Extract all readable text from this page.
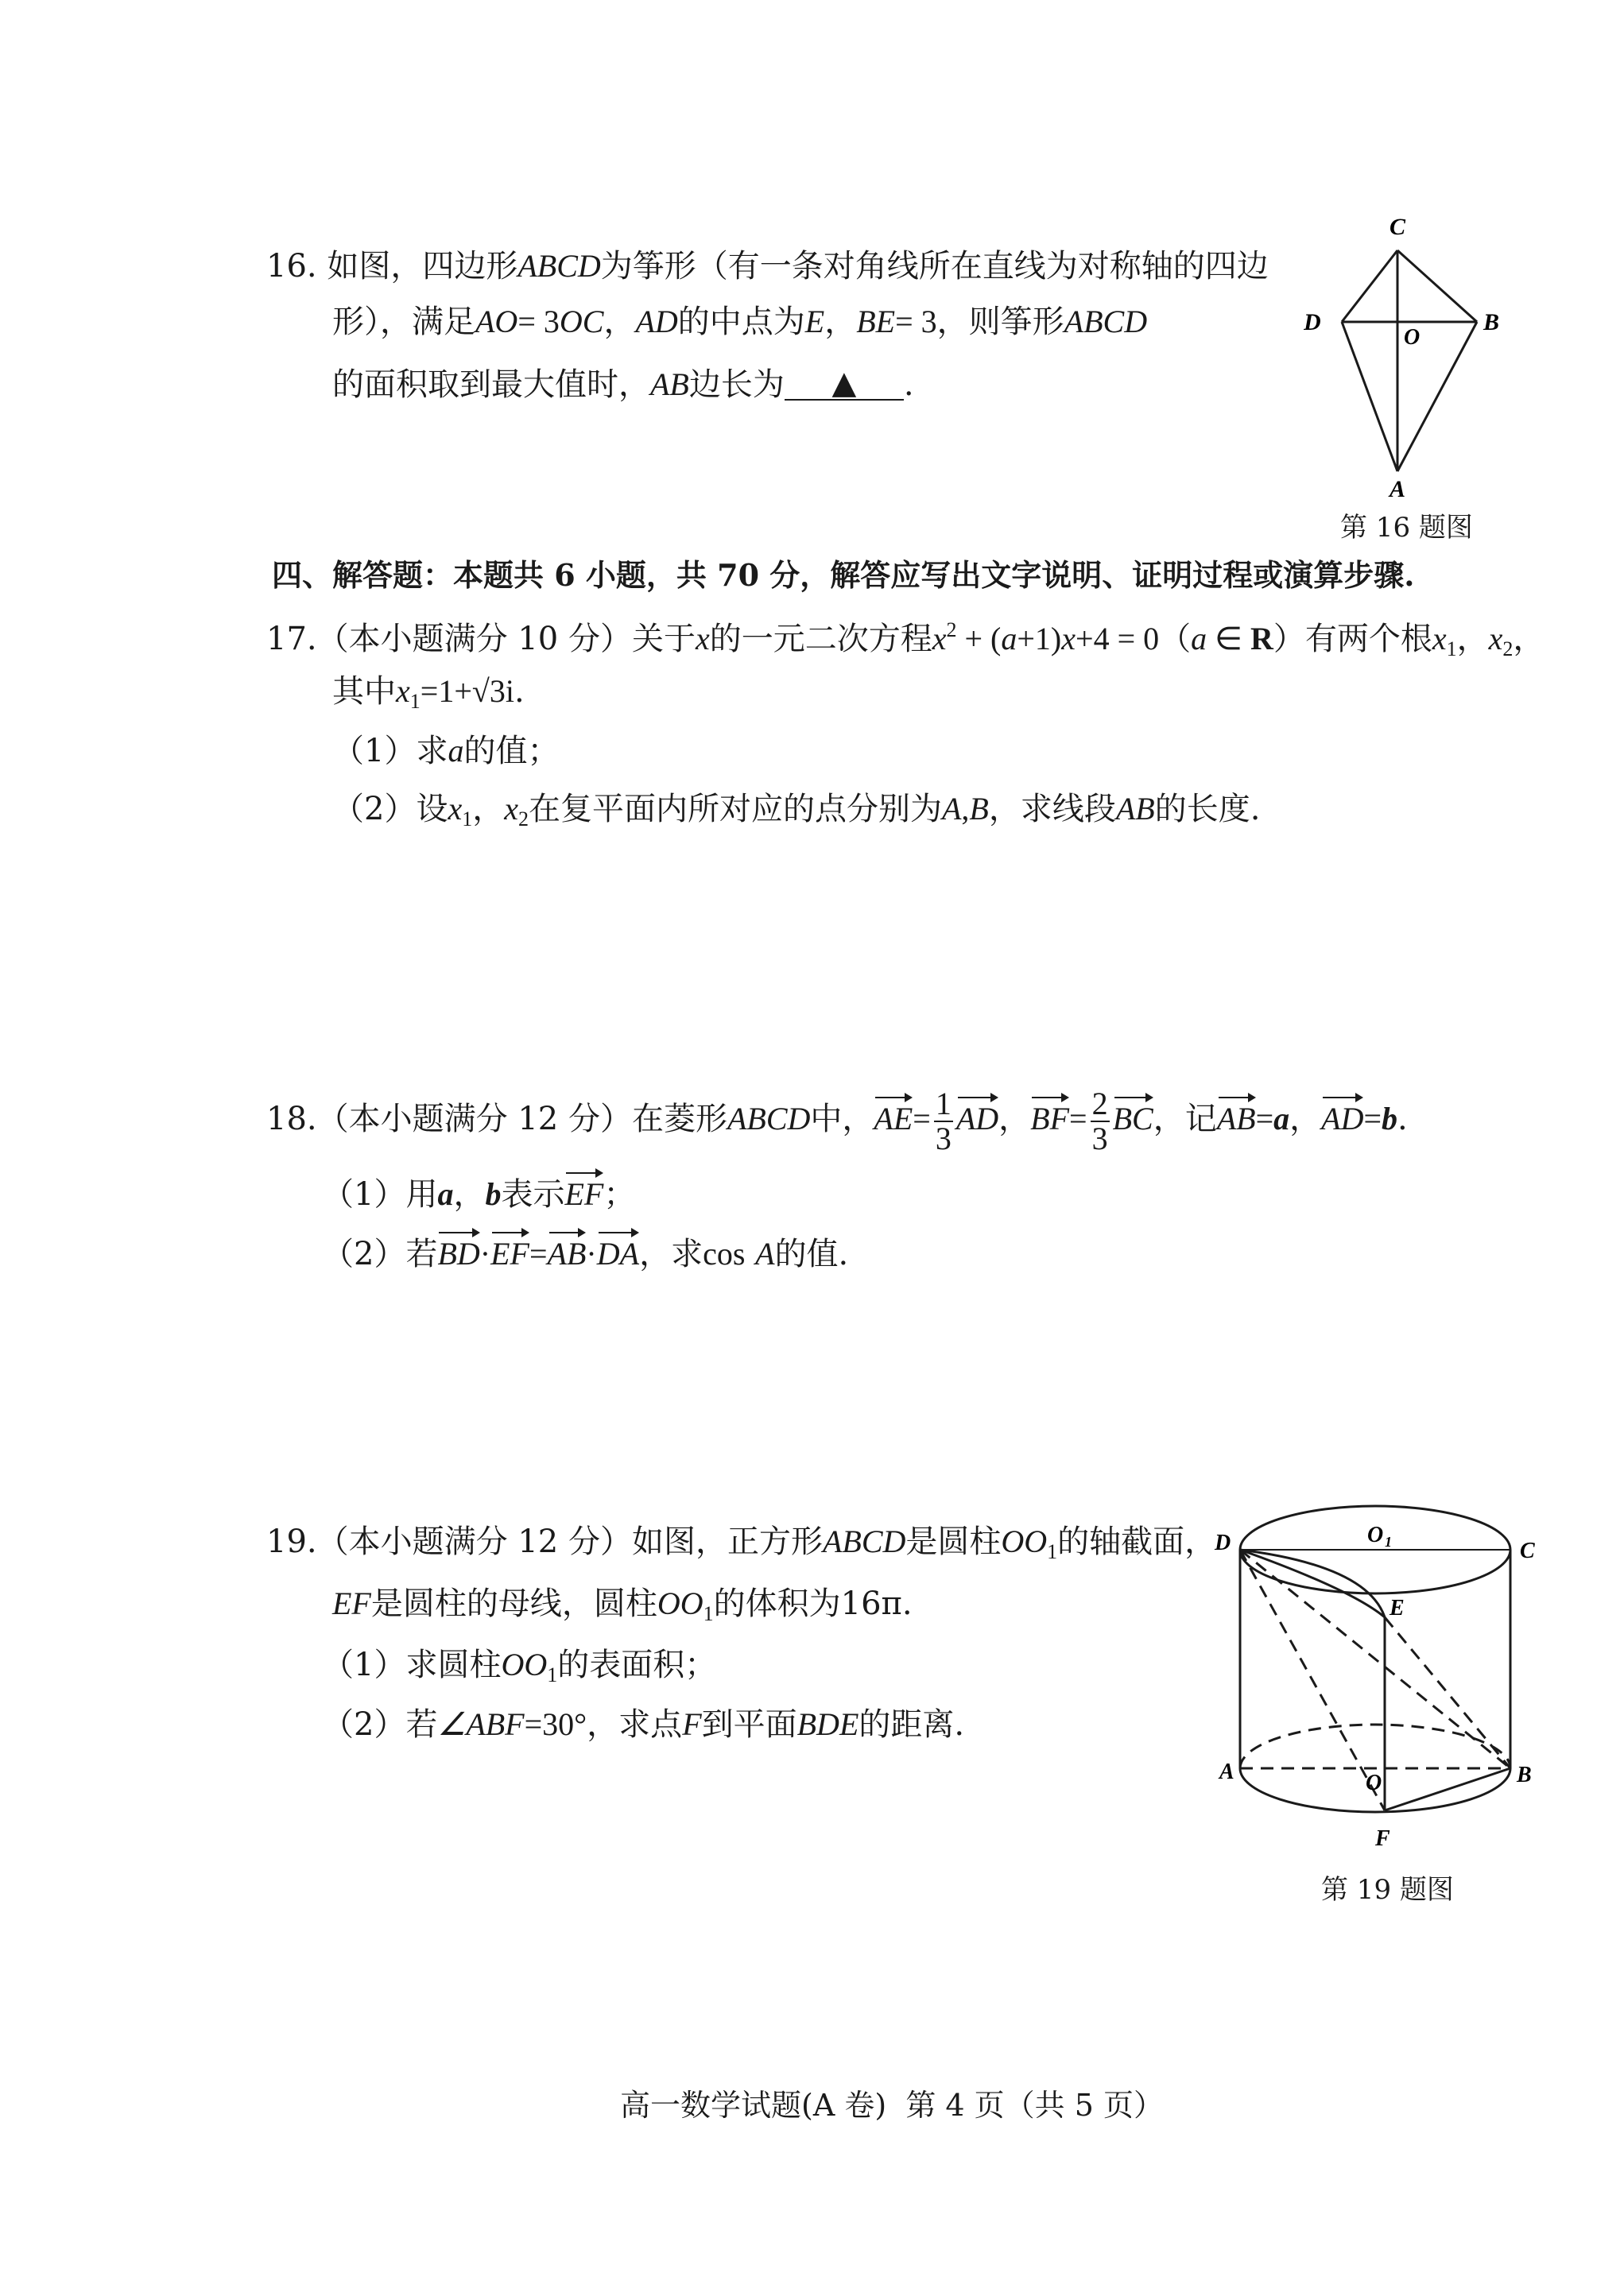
16. 如图，四边形ABCD为筝形（有一条对角线所在直线为对称轴的四边
形），满足AO= 3OC，AD的中点为E，BE= 3，则筝形ABCD
的面积取到最大值时，AB边长为 ▲ .
C
D	B
O
A
第 16 题图
四、解答题：本题共 6 小题，共 70 分，解答应写出文字说明、证明过程或演算步骤.
17.（本小题满分 10 分）关于x的一元二次方程$x^2 + (a+1)x+4 = 0(a$ ∈ R）有两个根$x_1$，$x_2$，
其中$x_1=1+√3i$.
（1）求a的值；
（2）设$x_1$，$x_2$在复平面内所对应的点分别为A,B，求线段AB的长度.
18.（本小题满分 12 分）在菱形ABCD中，$AE= \frac{1}{3}$ AD，$BF= \frac{2}{3}$ BC，记AB=a，AD=b.
（1）用a，b表示EF；
（2）若BD·EF=AB·DA，求cos A的值.
19.（本小题满分 12 分）如图，正方形ABCD是圆柱$OO_1$的轴截面，
EF是圆柱的母线，圆柱$OO_1$的体积为16π.
（1）求圆柱$OO_1$的表面积；
（2）若∠ABF=30°，求点F到平面BDE的距离.
D	O 1	C
E
A	O	B
F
第 19 题图
高一数学试题(A 卷)  第 4 页（共 5 页）
